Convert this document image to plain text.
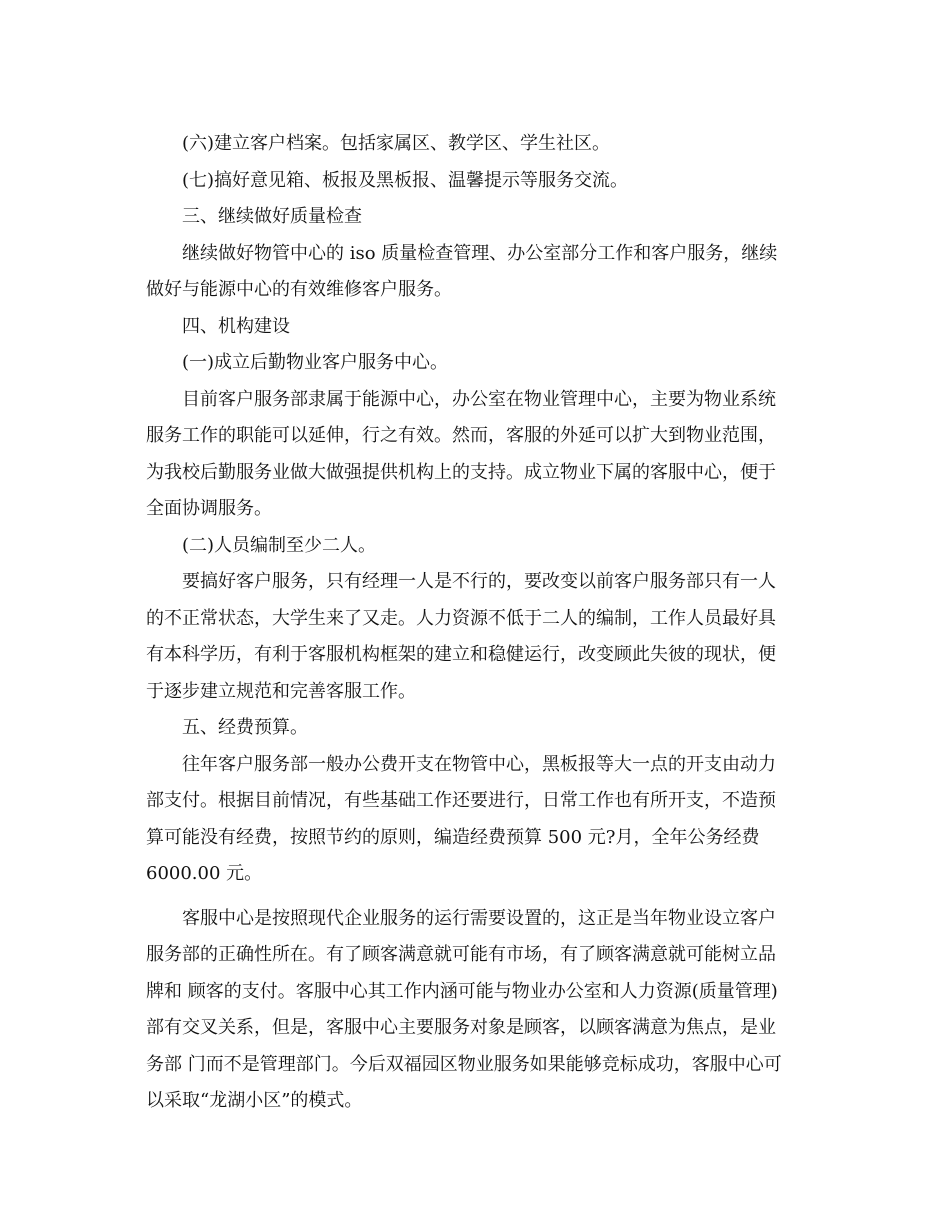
(六)建立客户档案。包括家属区、教学区、学生社区。

(七)搞好意见箱、板报及黑板报、温馨提示等服务交流。

三、继续做好质量检查

继续做好物管中心的 iso 质量检查管理、办公室部分工作和客户服务，继续
做好与能源中心的有效维修客户服务。

四、机构建设

(一)成立后勤物业客户服务中心。

目前客户服务部隶属于能源中心，办公室在物业管理中心，主要为物业系统
服务工作的职能可以延伸，行之有效。然而，客服的外延可以扩大到物业范围，
为我校后勤服务业做大做强提供机构上的支持。成立物业下属的客服中心，便于
全面协调服务。

(二)人员编制至少二人。

要搞好客户服务，只有经理一人是不行的，要改变以前客户服务部只有一人
的不正常状态，大学生来了又走。人力资源不低于二人的编制，工作人员最好具
有本科学历，有利于客服机构框架的建立和稳健运行，改变顾此失彼的现状，便
于逐步建立规范和完善客服工作。

五、经费预算。

往年客户服务部一般办公费开支在物管中心，黑板报等大一点的开支由动力
部支付。根据目前情况，有些基础工作还要进行，日常工作也有所开支，不造预
算可能没有经费，按照节约的原则，编造经费预算 500 元?月，全年公务经费
6000.00 元。

客服中心是按照现代企业服务的运行需要设置的，这正是当年物业设立客户
服务部的正确性所在。有了顾客满意就可能有市场，有了顾客满意就可能树立品
牌和 顾客的支付。客服中心其工作内涵可能与物业办公室和人力资源(质量管理)
部有交叉关系，但是，客服中心主要服务对象是顾客，以顾客满意为焦点，是业
务部 门而不是管理部门。今后双福园区物业服务如果能够竞标成功，客服中心可
以采取“龙湖小区”的模式。
